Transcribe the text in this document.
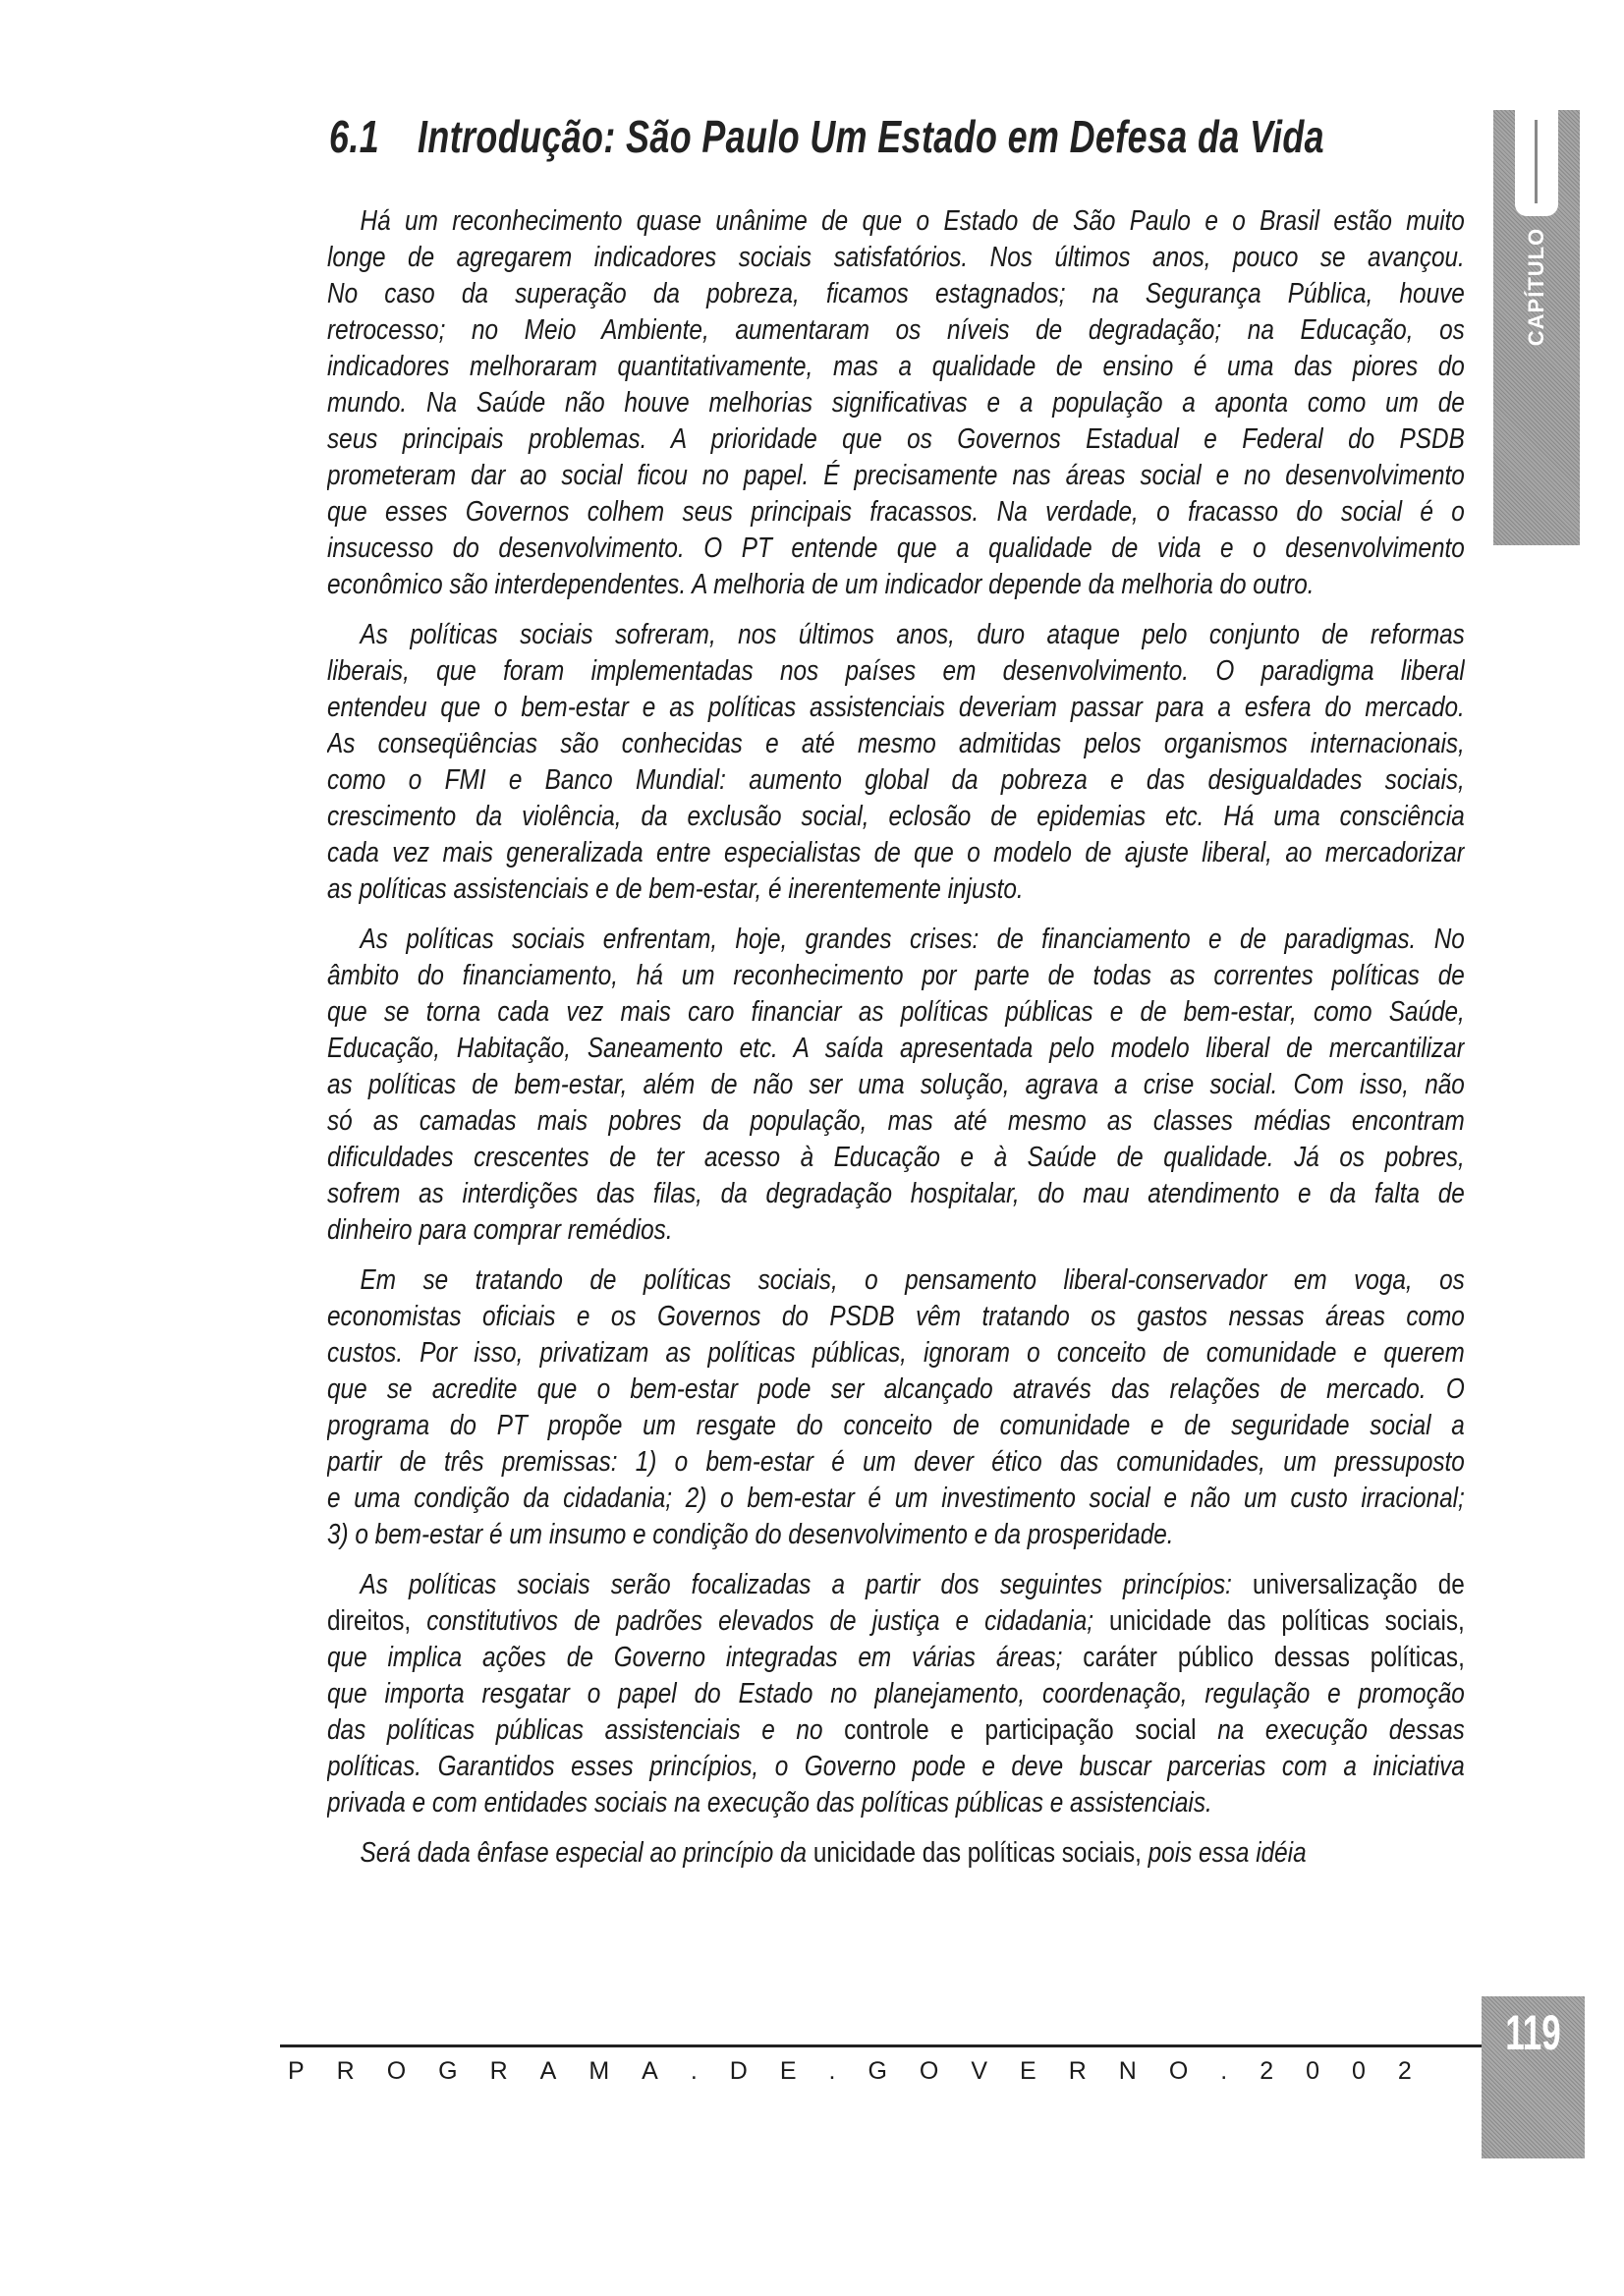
6.1 Introdução: São Paulo Um Estado em Defesa da Vida
CAPÍTULO
Há um reconhecimento quase unânime de que o Estado de São Paulo e o Brasil estão muito
longe de agregarem indicadores sociais satisfatórios. Nos últimos anos, pouco se avançou.
No caso da superação da pobreza, ficamos estagnados; na Segurança Pública, houve
retrocesso; no Meio Ambiente, aumentaram os níveis de degradação; na Educação, os
indicadores melhoraram quantitativamente, mas a qualidade de ensino é uma das piores do
mundo. Na Saúde não houve melhorias significativas e a população a aponta como um de
seus principais problemas. A prioridade que os Governos Estadual e Federal do PSDB
prometeram dar ao social ficou no papel. É precisamente nas áreas social e no desenvolvimento
que esses Governos colhem seus principais fracassos. Na verdade, o fracasso do social é o
insucesso do desenvolvimento. O PT entende que a qualidade de vida e o desenvolvimento
econômico são interdependentes. A melhoria de um indicador depende da melhoria do outro.
As políticas sociais sofreram, nos últimos anos, duro ataque pelo conjunto de reformas
liberais, que foram implementadas nos países em desenvolvimento. O paradigma liberal
entendeu que o bem-estar e as políticas assistenciais deveriam passar para a esfera do mercado.
As conseqüências são conhecidas e até mesmo admitidas pelos organismos internacionais,
como o FMI e Banco Mundial: aumento global da pobreza e das desigualdades sociais,
crescimento da violência, da exclusão social, eclosão de epidemias etc. Há uma consciência
cada vez mais generalizada entre especialistas de que o modelo de ajuste liberal, ao mercadorizar
as políticas assistenciais e de bem-estar, é inerentemente injusto.
As políticas sociais enfrentam, hoje, grandes crises: de financiamento e de paradigmas. No
âmbito do financiamento, há um reconhecimento por parte de todas as correntes políticas de
que se torna cada vez mais caro financiar as políticas públicas e de bem-estar, como Saúde,
Educação, Habitação, Saneamento etc. A saída apresentada pelo modelo liberal de mercantilizar
as políticas de bem-estar, além de não ser uma solução, agrava a crise social. Com isso, não
só as camadas mais pobres da população, mas até mesmo as classes médias encontram
dificuldades crescentes de ter acesso à Educação e à Saúde de qualidade. Já os pobres,
sofrem as interdições das filas, da degradação hospitalar, do mau atendimento e da falta de
dinheiro para comprar remédios.
Em se tratando de políticas sociais, o pensamento liberal-conservador em voga, os
economistas oficiais e os Governos do PSDB vêm tratando os gastos nessas áreas como
custos. Por isso, privatizam as políticas públicas, ignoram o conceito de comunidade e querem
que se acredite que o bem-estar pode ser alcançado através das relações de mercado. O
programa do PT propõe um resgate do conceito de comunidade e de seguridade social a
partir de três premissas: 1) o bem-estar é um dever ético das comunidades, um pressuposto
e uma condição da cidadania; 2) o bem-estar é um investimento social e não um custo irracional;
3) o bem-estar é um insumo e condição do desenvolvimento e da prosperidade.
As políticas sociais serão focalizadas a partir dos seguintes princípios: universalização de
direitos, constitutivos de padrões elevados de justiça e cidadania; unicidade das políticas sociais,
que implica ações de Governo integradas em várias áreas; caráter público dessas políticas,
que importa resgatar o papel do Estado no planejamento, coordenação, regulação e promoção
das políticas públicas assistenciais e no controle e participação social na execução dessas
políticas. Garantidos esses princípios, o Governo pode e deve buscar parcerias com a iniciativa
privada e com entidades sociais na execução das políticas públicas e assistenciais.
Será dada ênfase especial ao princípio da unicidade das políticas sociais, pois essa idéia
PROGRAMA.DE.GOVERNO.2002
119
